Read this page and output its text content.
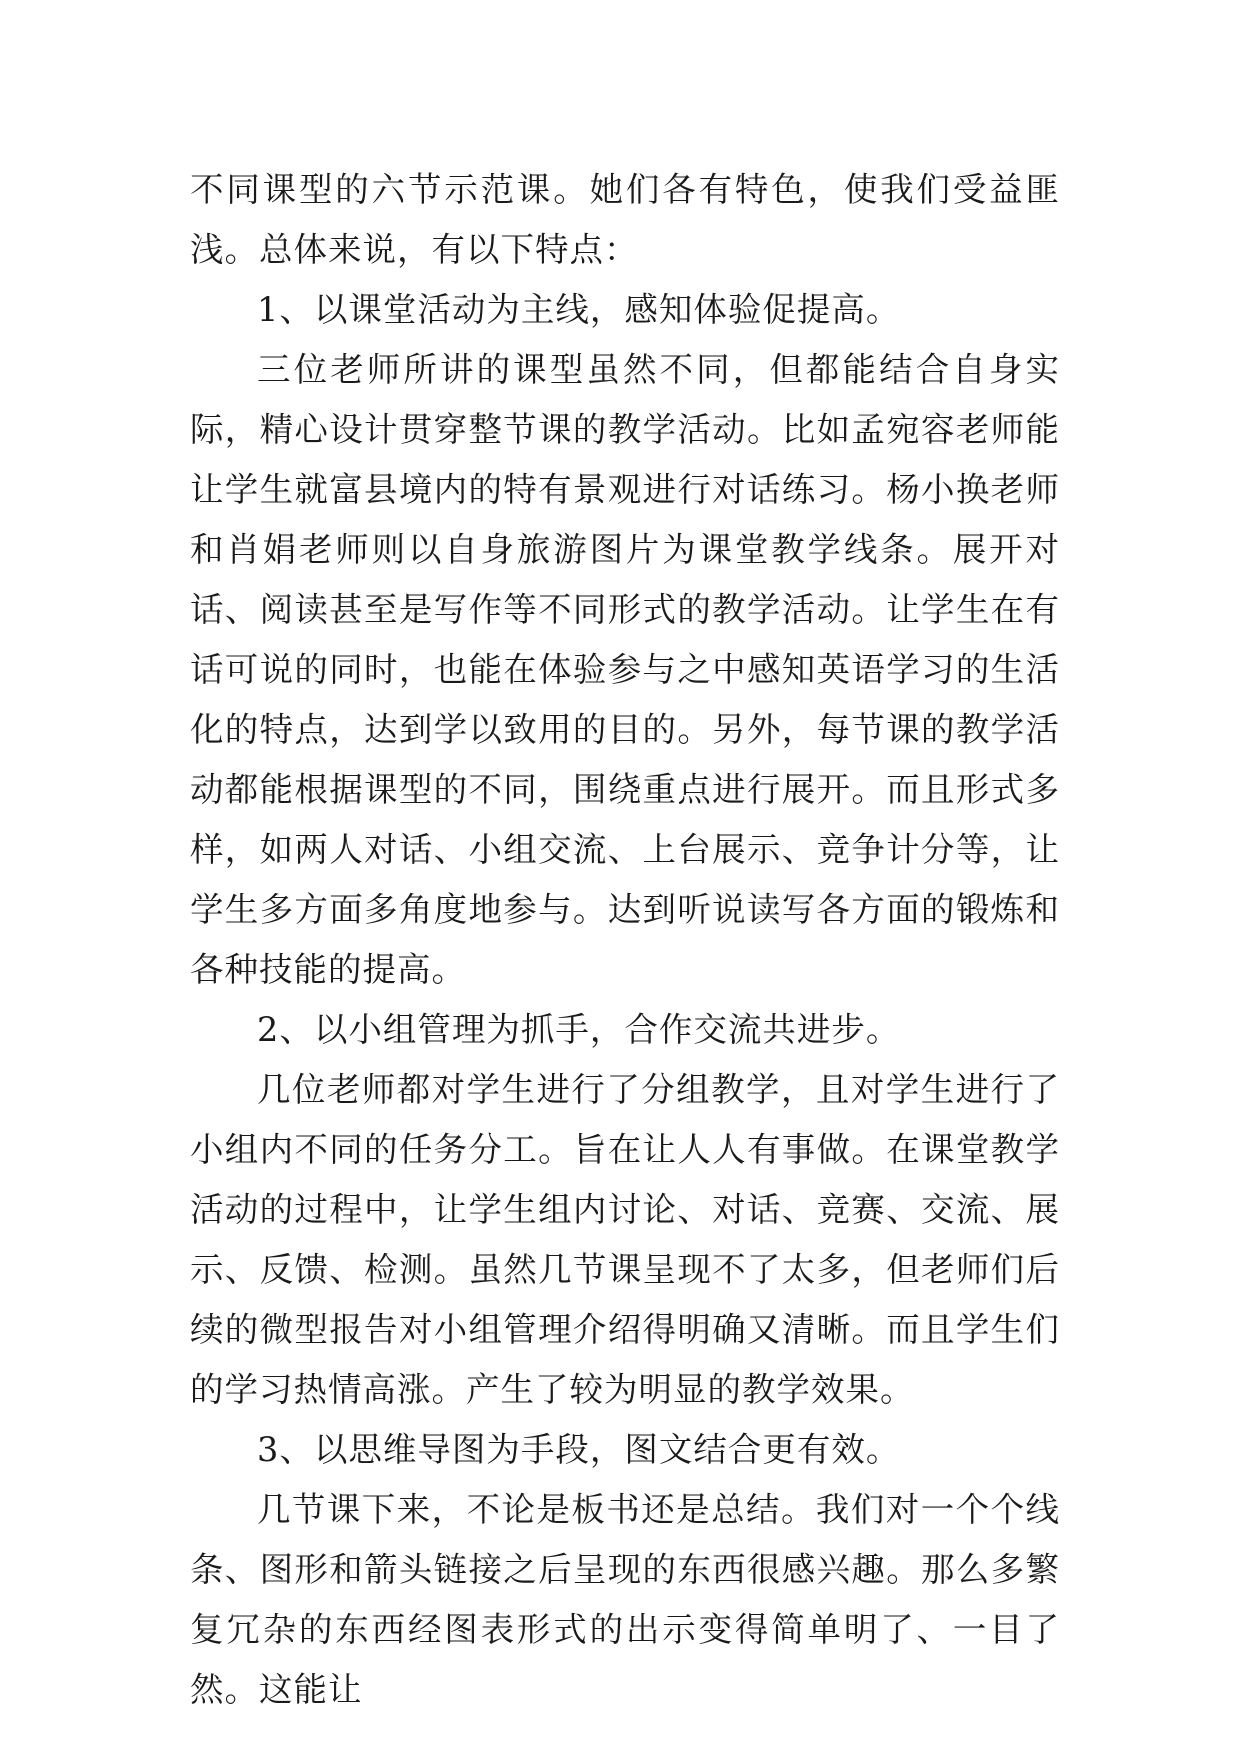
不同课型的六节示范课。她们各有特色，使我们受益匪浅。总体来说，有以下特点：

1、以课堂活动为主线，感知体验促提高。

三位老师所讲的课型虽然不同，但都能结合自身实际，精心设计贯穿整节课的教学活动。比如孟宛容老师能让学生就富县境内的特有景观进行对话练习。杨小换老师和肖娟老师则以自身旅游图片为课堂教学线条。展开对话、阅读甚至是写作等不同形式的教学活动。让学生在有话可说的同时，也能在体验参与之中感知英语学习的生活化的特点，达到学以致用的目的。另外，每节课的教学活动都能根据课型的不同，围绕重点进行展开。而且形式多样，如两人对话、小组交流、上台展示、竞争计分等，让学生多方面多角度地参与。达到听说读写各方面的锻炼和各种技能的提高。

2、以小组管理为抓手，合作交流共进步。

几位老师都对学生进行了分组教学，且对学生进行了小组内不同的任务分工。旨在让人人有事做。在课堂教学活动的过程中，让学生组内讨论、对话、竞赛、交流、展示、反馈、检测。虽然几节课呈现不了太多，但老师们后续的微型报告对小组管理介绍得明确又清晰。而且学生们的学习热情高涨。产生了较为明显的教学效果。

3、以思维导图为手段，图文结合更有效。

几节课下来，不论是板书还是总结。我们对一个个线条、图形和箭头链接之后呈现的东西很感兴趣。那么多繁复冗杂的东西经图表形式的出示变得简单明了、一目了然。这能让
